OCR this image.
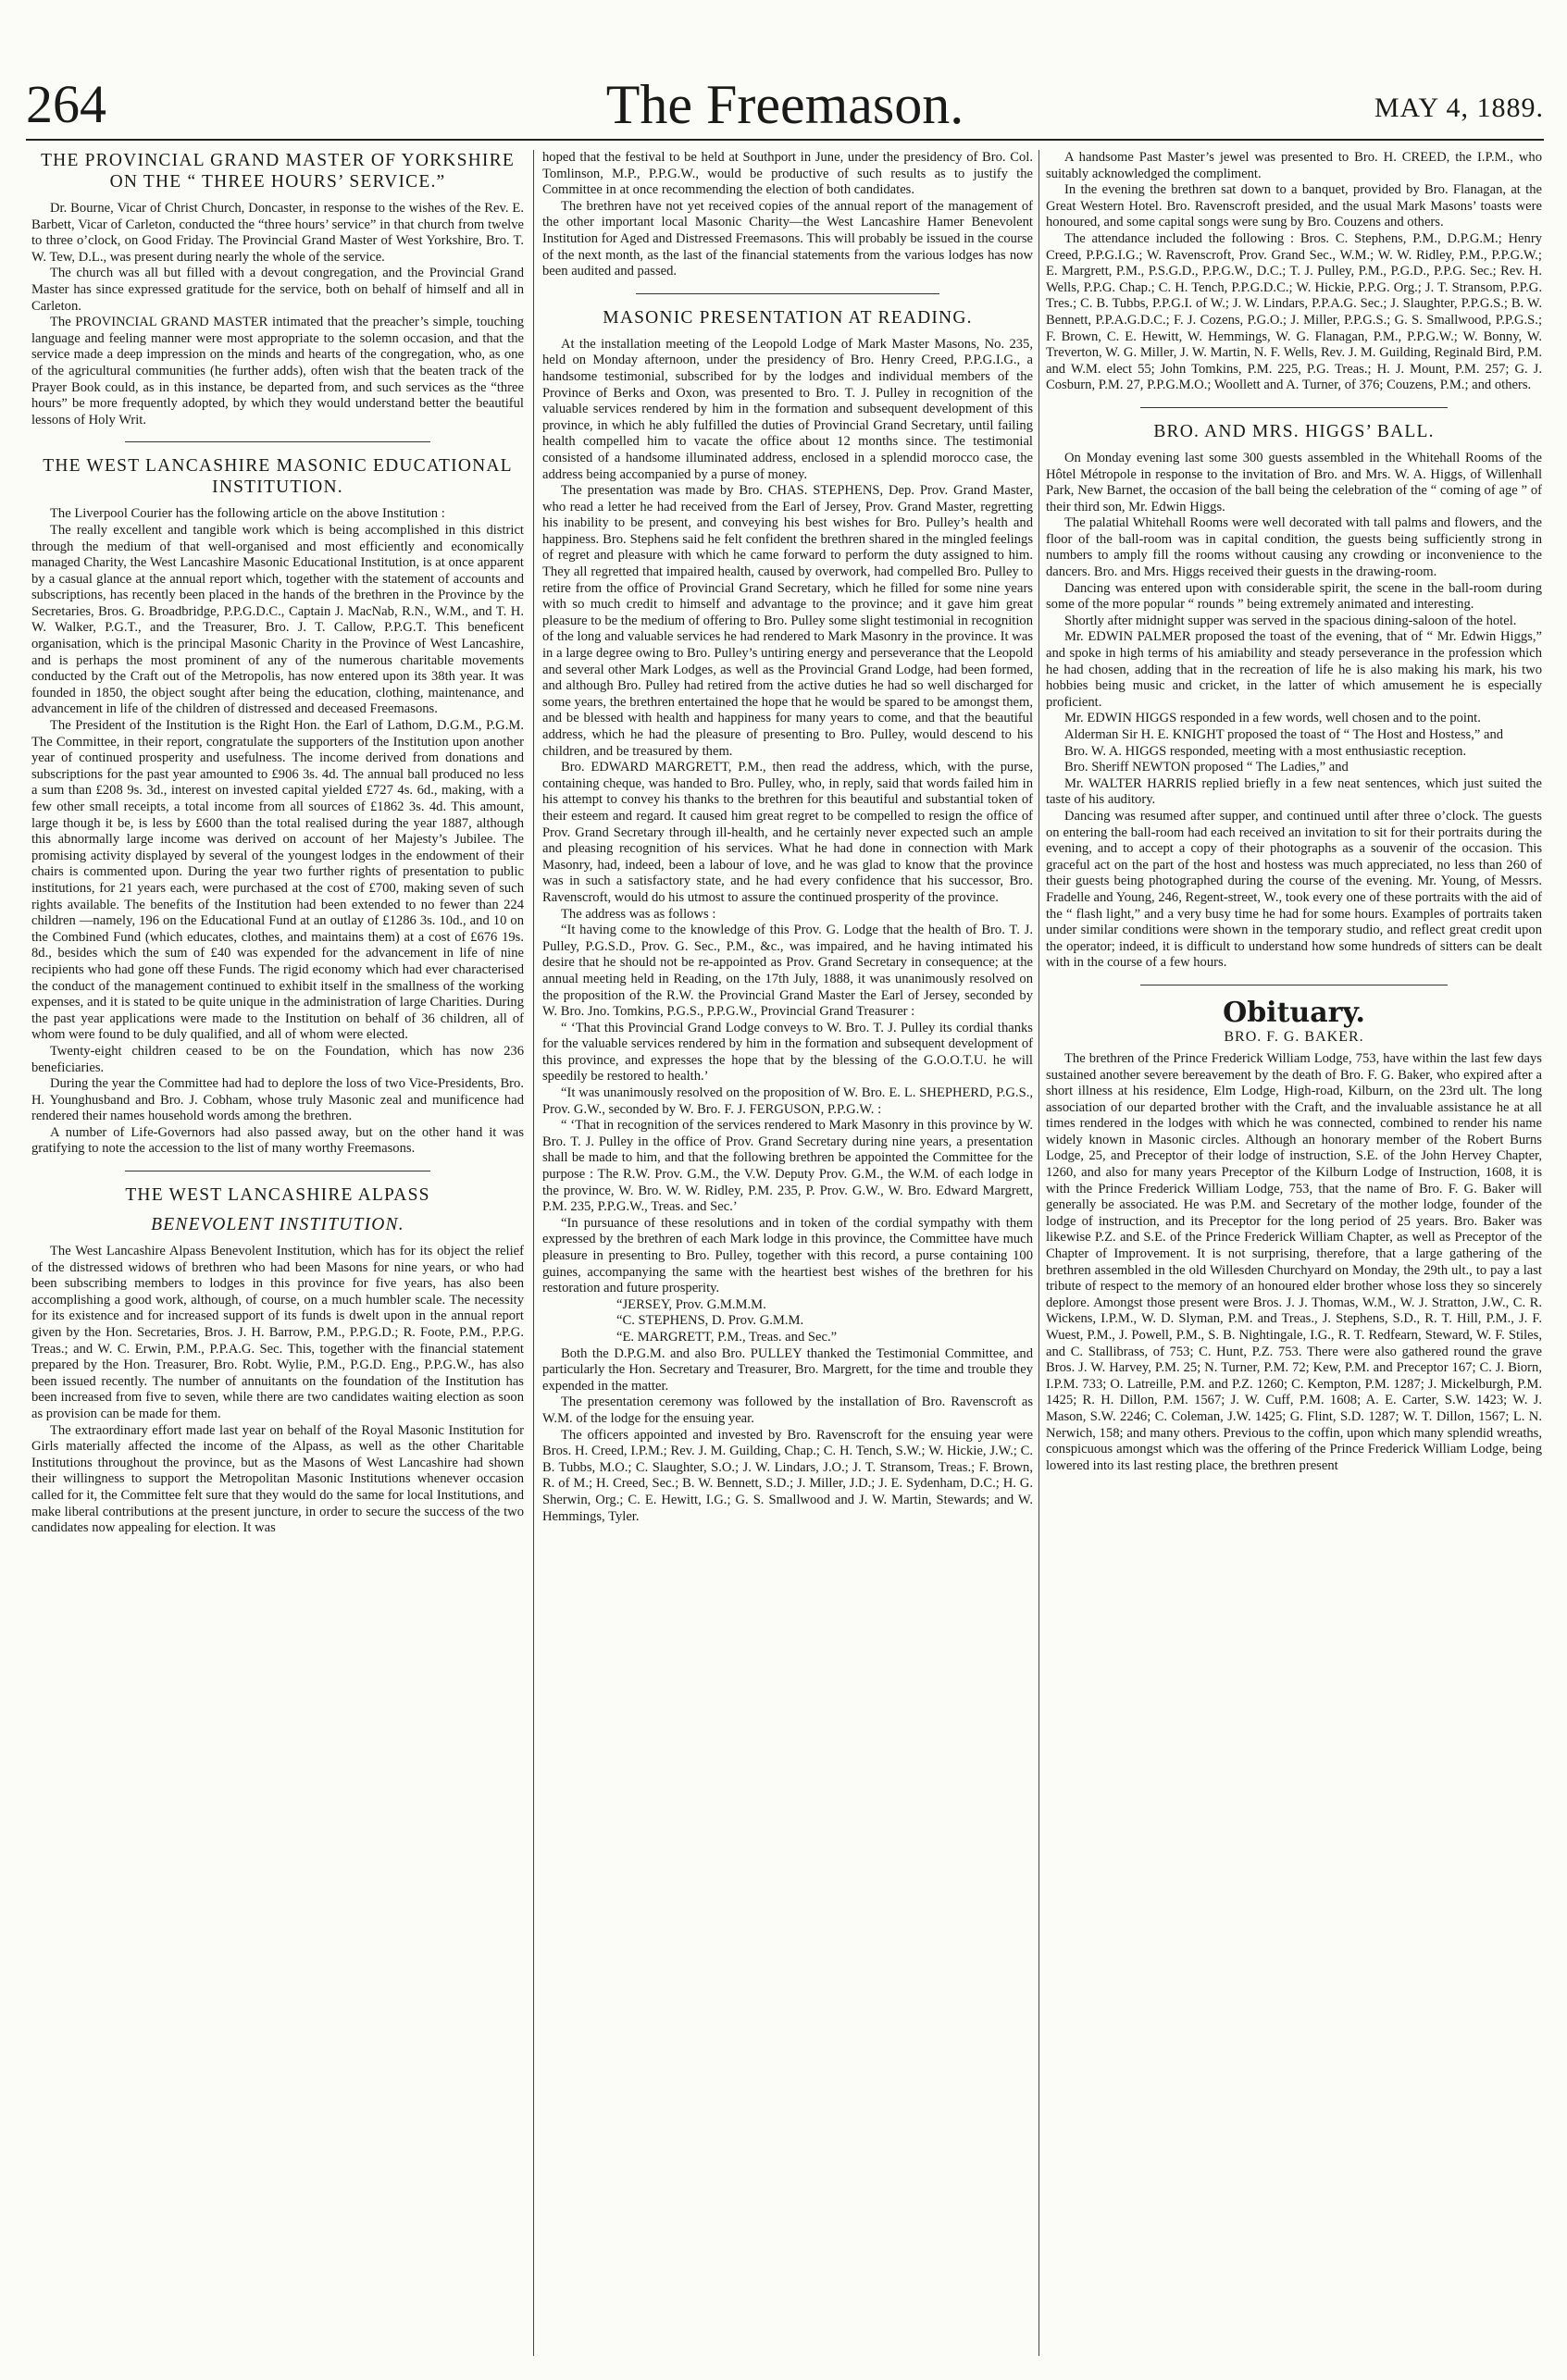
264	The Freemason.	MAY 4, 1889.
THE PROVINCIAL GRAND MASTER OF YORKSHIRE ON THE “ THREE HOURS’ SERVICE.”

Dr. Bourne, Vicar of Christ Church, Doncaster, in response to the wishes of the Rev. E. Barbett, Vicar of Carleton, conducted the “three hours’ service” in that church from twelve to three o’clock, on Good Friday. The Provincial Grand Master of West Yorkshire, Bro. T. W. Tew, D.L., was present during nearly the whole of the service.

The church was all but filled with a devout congregation, and the Provincial Grand Master has since expressed gratitude for the service, both on behalf of himself and all in Carleton.

The PROVINCIAL GRAND MASTER intimated that the preacher’s simple, touching language and feeling manner were most appropriate to the solemn occasion, and that the service made a deep impression on the minds and hearts of the congregation, who, as one of the agricultural communities (he further adds), often wish that the beaten track of the Prayer Book could, as in this instance, be departed from, and such services as the “three hours” be more frequently adopted, by which they would understand better the beautiful lessons of Holy Writ.

THE WEST LANCASHIRE MASONIC EDUCATIONAL INSTITUTION.

The Liverpool Courier has the following article on the above Institution :

The really excellent and tangible work which is being accomplished in this district through the medium of that well-organised and most efficiently and economically managed Charity, the West Lancashire Masonic Educational Institution, is at once apparent by a casual glance at the annual report which, together with the statement of accounts and subscriptions, has recently been placed in the hands of the brethren in the Province by the Secretaries, Bros. G. Broadbridge, P.P.G.D.C., Captain J. MacNab, R.N., W.M., and T. H. W. Walker, P.G.T., and the Treasurer, Bro. J. T. Callow, P.P.G.T. This beneficent organisation, which is the principal Masonic Charity in the Province of West Lancashire, and is perhaps the most prominent of any of the numerous charitable movements conducted by the Craft out of the Metropolis, has now entered upon its 38th year. It was founded in 1850, the object sought after being the education, clothing, maintenance, and advancement in life of the children of distressed and deceased Freemasons.

The President of the Institution is the Right Hon. the Earl of Lathom, D.G.M., P.G.M. The Committee, in their report, congratulate the supporters of the Institution upon another year of continued prosperity and usefulness. The income derived from donations and subscriptions for the past year amounted to £906 3s. 4d. The annual ball produced no less a sum than £208 9s. 3d., interest on invested capital yielded £727 4s. 6d., making, with a few other small receipts, a total income from all sources of £1862 3s. 4d. This amount, large though it be, is less by £600 than the total realised during the year 1887, although this abnormally large income was derived on account of her Majesty’s Jubilee. The promising activity displayed by several of the youngest lodges in the endowment of their chairs is commented upon. During the year two further rights of presentation to public institutions, for 21 years each, were purchased at the cost of £700, making seven of such rights available. The benefits of the Institution had been extended to no fewer than 224 children —namely, 196 on the Educational Fund at an outlay of £1286 3s. 10d., and 10 on the Combined Fund (which educates, clothes, and maintains them) at a cost of £676 19s. 8d., besides which the sum of £40 was expended for the advancement in life of nine recipients who had gone off these Funds. The rigid economy which had ever characterised the conduct of the management continued to exhibit itself in the smallness of the working expenses, and it is stated to be quite unique in the administration of large Charities. During the past year applications were made to the Institution on behalf of 36 children, all of whom were found to be duly qualified, and all of whom were elected.

Twenty-eight children ceased to be on the Foundation, which has now 236 beneficiaries.

During the year the Committee had had to deplore the loss of two Vice-Presidents, Bro. H. Younghusband and Bro. J. Cobham, whose truly Masonic zeal and munificence had rendered their names household words among the brethren.

A number of Life-Governors had also passed away, but on the other hand it was gratifying to note the accession to the list of many worthy Freemasons.

THE WEST LANCASHIRE ALPASS
BENEVOLENT INSTITUTION.

The West Lancashire Alpass Benevolent Institution, which has for its object the relief of the distressed widows of brethren who had been Masons for nine years, or who had been subscribing members to lodges in this province for five years, has also been accomplishing a good work, although, of course, on a much humbler scale. The necessity for its existence and for increased support of its funds is dwelt upon in the annual report given by the Hon. Secretaries, Bros. J. H. Barrow, P.M., P.P.G.D.; R. Foote, P.M., P.P.G. Treas.; and W. C. Erwin, P.M., P.P.A.G. Sec. This, together with the financial statement prepared by the Hon. Treasurer, Bro. Robt. Wylie, P.M., P.G.D. Eng., P.P.G.W., has also been issued recently. The number of annuitants on the foundation of the Institution has been increased from five to seven, while there are two candidates waiting election as soon as provision can be made for them.

The extraordinary effort made last year on behalf of the Royal Masonic Institution for Girls materially affected the income of the Alpass, as well as the other Charitable Institutions throughout the province, but as the Masons of West Lancashire had shown their willingness to support the Metropolitan Masonic Institutions whenever occasion called for it, the Committee felt sure that they would do the same for local Institutions, and make liberal contributions at the present juncture, in order to secure the success of the two candidates now appealing for election. It was

hoped that the festival to be held at Southport in June, under the presidency of Bro. Col. Tomlinson, M.P., P.P.G.W., would be productive of such results as to justify the Committee in at once recommending the election of both candidates.

The brethren have not yet received copies of the annual report of the management of the other important local Masonic Charity—the West Lancashire Hamer Benevolent Institution for Aged and Distressed Freemasons. This will probably be issued in the course of the next month, as the last of the financial statements from the various lodges has now been audited and passed.

MASONIC PRESENTATION AT READING.

At the installation meeting of the Leopold Lodge of Mark Master Masons, No. 235, held on Monday afternoon, under the presidency of Bro. Henry Creed, P.P.G.I.G., a handsome testimonial, subscribed for by the lodges and individual members of the Province of Berks and Oxon, was presented to Bro. T. J. Pulley in recognition of the valuable services rendered by him in the formation and subsequent development of this province, in which he ably fulfilled the duties of Provincial Grand Secretary, until failing health compelled him to vacate the office about 12 months since. The testimonial consisted of a handsome illuminated address, enclosed in a splendid morocco case, the address being accompanied by a purse of money.

The presentation was made by Bro. CHAS. STEPHENS, Dep. Prov. Grand Master, who read a letter he had received from the Earl of Jersey, Prov. Grand Master, regretting his inability to be present, and conveying his best wishes for Bro. Pulley’s health and happiness. Bro. Stephens said he felt confident the brethren shared in the mingled feelings of regret and pleasure with which he came forward to perform the duty assigned to him. They all regretted that impaired health, caused by overwork, had compelled Bro. Pulley to retire from the office of Provincial Grand Secretary, which he filled for some nine years with so much credit to himself and advantage to the province; and it gave him great pleasure to be the medium of offering to Bro. Pulley some slight testimonial in recognition of the long and valuable services he had rendered to Mark Masonry in the province. It was in a large degree owing to Bro. Pulley’s untiring energy and perseverance that the Leopold and several other Mark Lodges, as well as the Provincial Grand Lodge, had been formed, and although Bro. Pulley had retired from the active duties he had so well discharged for some years, the brethren entertained the hope that he would be spared to be amongst them, and be blessed with health and happiness for many years to come, and that the beautiful address, which he had the pleasure of presenting to Bro. Pulley, would descend to his children, and be treasured by them.

Bro. EDWARD MARGRETT, P.M., then read the address, which, with the purse, containing cheque, was handed to Bro. Pulley, who, in reply, said that words failed him in his attempt to convey his thanks to the brethren for this beautiful and substantial token of their esteem and regard. It caused him great regret to be compelled to resign the office of Prov. Grand Secretary through ill-health, and he certainly never expected such an ample and pleasing recognition of his services. What he had done in connection with Mark Masonry, had, indeed, been a labour of love, and he was glad to know that the province was in such a satisfactory state, and he had every confidence that his successor, Bro. Ravenscroft, would do his utmost to assure the continued prosperity of the province.

The address was as follows :

“It having come to the knowledge of this Prov. G. Lodge that the health of Bro. T. J. Pulley, P.G.S.D., Prov. G. Sec., P.M., &c., was impaired, and he having intimated his desire that he should not be re-appointed as Prov. Grand Secretary in consequence; at the annual meeting held in Reading, on the 17th July, 1888, it was unanimously resolved on the proposition of the R.W. the Provincial Grand Master the Earl of Jersey, seconded by W. Bro. Jno. Tomkins, P.G.S., P.P.G.W., Provincial Grand Treasurer :

“ ‘That this Provincial Grand Lodge conveys to W. Bro. T. J. Pulley its cordial thanks for the valuable services rendered by him in the formation and subsequent development of this province, and expresses the hope that by the blessing of the G.O.O.T.U. he will speedily be restored to health.’

“It was unanimously resolved on the proposition of W. Bro. E. L. SHEPHERD, P.G.S., Prov. G.W., seconded by W. Bro. F. J. FERGUSON, P.P.G.W. :

“ ‘That in recognition of the services rendered to Mark Masonry in this province by W. Bro. T. J. Pulley in the office of Prov. Grand Secretary during nine years, a presentation shall be made to him, and that the following brethren be appointed the Committee for the purpose : The R.W. Prov. G.M., the V.W. Deputy Prov. G.M., the W.M. of each lodge in the province, W. Bro. W. W. Ridley, P.M. 235, P. Prov. G.W., W. Bro. Edward Margrett, P.M. 235, P.P.G.W., Treas. and Sec.’

“In pursuance of these resolutions and in token of the cordial sympathy with them expressed by the brethren of each Mark lodge in this province, the Committee have much pleasure in presenting to Bro. Pulley, together with this record, a purse containing 100 guines, accompanying the same with the heartiest best wishes of the brethren for his restoration and future prosperity.

“JERSEY, Prov. G.M.M.M.

“C. STEPHENS, D. Prov. G.M.M.

“E. MARGRETT, P.M., Treas. and Sec.”

Both the D.P.G.M. and also Bro. PULLEY thanked the Testimonial Committee, and particularly the Hon. Secretary and Treasurer, Bro. Margrett, for the time and trouble they expended in the matter.

The presentation ceremony was followed by the installation of Bro. Ravenscroft as W.M. of the lodge for the ensuing year.

The officers appointed and invested by Bro. Ravenscroft for the ensuing year were Bros. H. Creed, I.P.M.; Rev. J. M. Guilding, Chap.; C. H. Tench, S.W.; W. Hickie, J.W.; C. B. Tubbs, M.O.; C. Slaughter, S.O.; J. W. Lindars, J.O.; J. T. Stransom, Treas.; F. Brown, R. of M.; H. Creed, Sec.; B. W. Bennett, S.D.; J. Miller, J.D.; J. E. Sydenham, D.C.; H. G. Sherwin, Org.; C. E. Hewitt, I.G.; G. S. Smallwood and J. W. Martin, Stewards; and W. Hemmings, Tyler.

A handsome Past Master’s jewel was presented to Bro. H. CREED, the I.P.M., who suitably acknowledged the compliment.

In the evening the brethren sat down to a banquet, provided by Bro. Flanagan, at the Great Western Hotel. Bro. Ravenscroft presided, and the usual Mark Masons’ toasts were honoured, and some capital songs were sung by Bro. Couzens and others.

The attendance included the following : Bros. C. Stephens, P.M., D.P.G.M.; Henry Creed, P.P.G.I.G.; W. Ravenscroft, Prov. Grand Sec., W.M.; W. W. Ridley, P.M., P.P.G.W.; E. Margrett, P.M., P.S.G.D., P.P.G.W., D.C.; T. J. Pulley, P.M., P.G.D., P.P.G. Sec.; Rev. H. Wells, P.P.G. Chap.; C. H. Tench, P.P.G.D.C.; W. Hickie, P.P.G. Org.; J. T. Stransom, P.P.G. Tres.; C. B. Tubbs, P.P.G.I. of W.; J. W. Lindars, P.P.A.G. Sec.; J. Slaughter, P.P.G.S.; B. W. Bennett, P.P.A.G.D.C.; F. J. Cozens, P.G.O.; J. Miller, P.P.G.S.; G. S. Smallwood, P.P.G.S.; F. Brown, C. E. Hewitt, W. Hemmings, W. G. Flanagan, P.M., P.P.G.W.; W. Bonny, W. Treverton, W. G. Miller, J. W. Martin, N. F. Wells, Rev. J. M. Guilding, Reginald Bird, P.M. and W.M. elect 55; John Tomkins, P.M. 225, P.G. Treas.; H. J. Mount, P.M. 257; G. J. Cosburn, P.M. 27, P.P.G.M.O.; Woollett and A. Turner, of 376; Couzens, P.M.; and others.

BRO. AND MRS. HIGGS’ BALL.

On Monday evening last some 300 guests assembled in the Whitehall Rooms of the Hôtel Métropole in response to the invitation of Bro. and Mrs. W. A. Higgs, of Willenhall Park, New Barnet, the occasion of the ball being the celebration of the “ coming of age ” of their third son, Mr. Edwin Higgs.

The palatial Whitehall Rooms were well decorated with tall palms and flowers, and the floor of the ball-room was in capital condition, the guests being sufficiently strong in numbers to amply fill the rooms without causing any crowding or inconvenience to the dancers. Bro. and Mrs. Higgs received their guests in the drawing-room.

Dancing was entered upon with considerable spirit, the scene in the ball-room during some of the more popular “ rounds ” being extremely animated and interesting.

Shortly after midnight supper was served in the spacious dining-saloon of the hotel.

Mr. EDWIN PALMER proposed the toast of the evening, that of “ Mr. Edwin Higgs,” and spoke in high terms of his amiability and steady perseverance in the profession which he had chosen, adding that in the recreation of life he is also making his mark, his two hobbies being music and cricket, in the latter of which amusement he is especially proficient.

Mr. EDWIN HIGGS responded in a few words, well chosen and to the point.

Alderman Sir H. E. KNIGHT proposed the toast of “ The Host and Hostess,” and

Bro. W. A. HIGGS responded, meeting with a most enthusiastic reception.

Bro. Sheriff NEWTON proposed “ The Ladies,” and

Mr. WALTER HARRIS replied briefly in a few neat sentences, which just suited the taste of his auditory.

Dancing was resumed after supper, and continued until after three o’clock. The guests on entering the ball-room had each received an invitation to sit for their portraits during the evening, and to accept a copy of their photographs as a souvenir of the occasion. This graceful act on the part of the host and hostess was much appreciated, no less than 260 of their guests being photographed during the course of the evening. Mr. Young, of Messrs. Fradelle and Young, 246, Regent-street, W., took every one of these portraits with the aid of the “ flash light,” and a very busy time he had for some hours. Examples of portraits taken under similar conditions were shown in the temporary studio, and reflect great credit upon the operator; indeed, it is difficult to understand how some hundreds of sitters can be dealt with in the course of a few hours.

Obituary.
BRO. F. G. BAKER.

The brethren of the Prince Frederick William Lodge, 753, have within the last few days sustained another severe bereavement by the death of Bro. F. G. Baker, who expired after a short illness at his residence, Elm Lodge, High-road, Kilburn, on the 23rd ult. The long association of our departed brother with the Craft, and the invaluable assistance he at all times rendered in the lodges with which he was connected, combined to render his name widely known in Masonic circles. Although an honorary member of the Robert Burns Lodge, 25, and Preceptor of their lodge of instruction, S.E. of the John Hervey Chapter, 1260, and also for many years Preceptor of the Kilburn Lodge of Instruction, 1608, it is with the Prince Frederick William Lodge, 753, that the name of Bro. F. G. Baker will generally be associated. He was P.M. and Secretary of the mother lodge, founder of the lodge of instruction, and its Preceptor for the long period of 25 years. Bro. Baker was likewise P.Z. and S.E. of the Prince Frederick William Chapter, as well as Preceptor of the Chapter of Improvement. It is not surprising, therefore, that a large gathering of the brethren assembled in the old Willesden Churchyard on Monday, the 29th ult., to pay a last tribute of respect to the memory of an honoured elder brother whose loss they so sincerely deplore. Amongst those present were Bros. J. J. Thomas, W.M., W. J. Stratton, J.W., C. R. Wickens, I.P.M., W. D. Slyman, P.M. and Treas., J. Stephens, S.D., R. T. Hill, P.M., J. F. Wuest, P.M., J. Powell, P.M., S. B. Nightingale, I.G., R. T. Redfearn, Steward, W. F. Stiles, and C. Stallibrass, of 753; C. Hunt, P.Z. 753. There were also gathered round the grave Bros. J. W. Harvey, P.M. 25; N. Turner, P.M. 72; Kew, P.M. and Preceptor 167; C. J. Biorn, I.P.M. 733; O. Latreille, P.M. and P.Z. 1260; C. Kempton, P.M. 1287; J. Mickelburgh, P.M. 1425; R. H. Dillon, P.M. 1567; J. W. Cuff, P.M. 1608; A. E. Carter, S.W. 1423; W. J. Mason, S.W. 2246; C. Coleman, J.W. 1425; G. Flint, S.D. 1287; W. T. Dillon, 1567; L. N. Nerwich, 158; and many others. Previous to the coffin, upon which many splendid wreaths, conspicuous amongst which was the offering of the Prince Frederick William Lodge, being lowered into its last resting place, the brethren present
